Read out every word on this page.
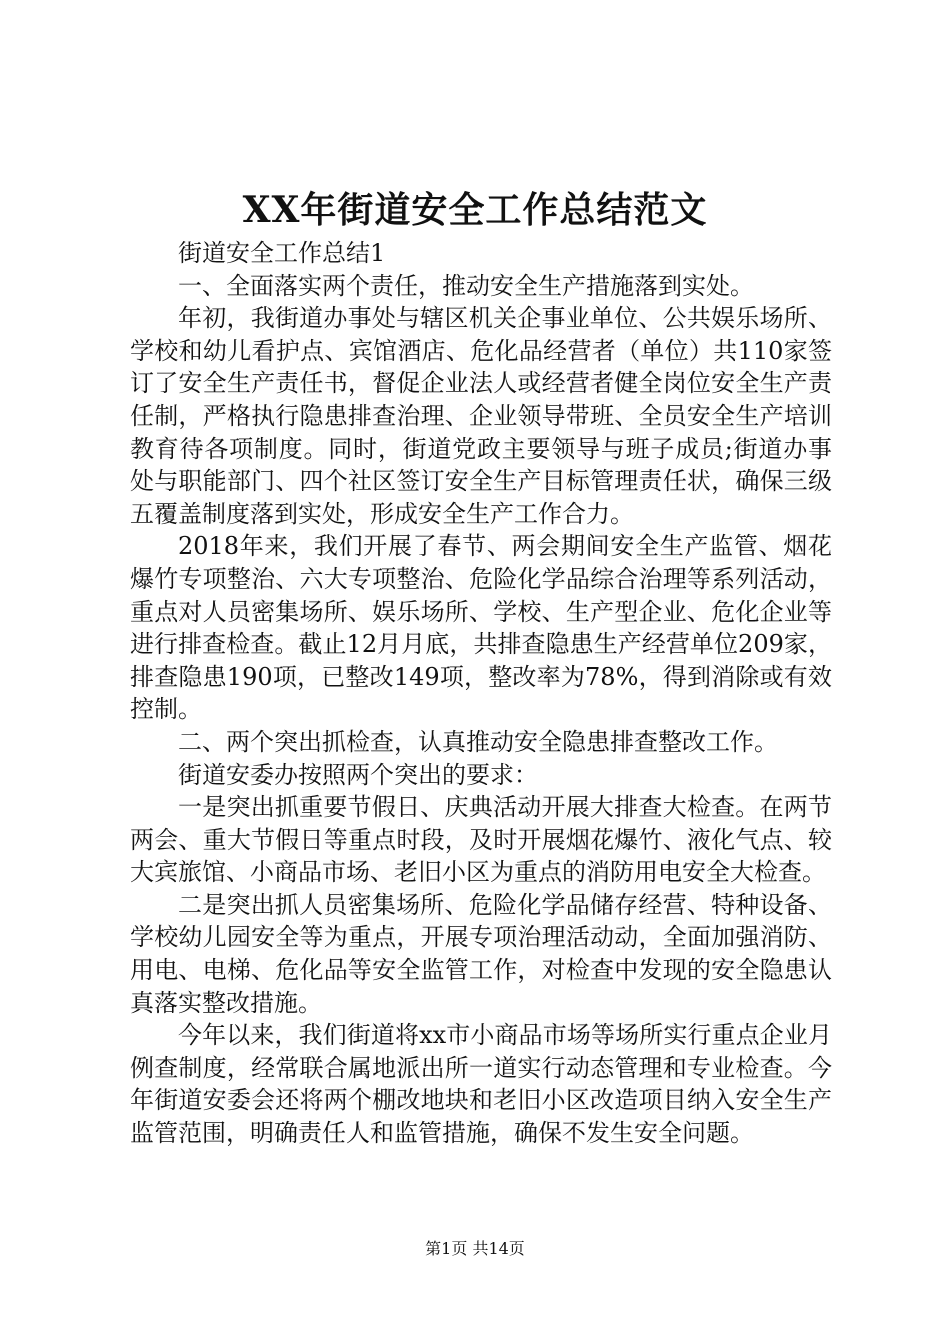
XX年街道安全工作总结范文

街道安全工作总结1

一、全面落实两个责任，推动安全生产措施落到实处。

年初，我街道办事处与辖区机关企事业单位、公共娱乐场所、学校和幼儿看护点、宾馆酒店、危化品经营者（单位）共110家签订了安全生产责任书，督促企业法人或经营者健全岗位安全生产责任制，严格执行隐患排查治理、企业领导带班、全员安全生产培训教育待各项制度。同时，街道党政主要领导与班子成员;街道办事处与职能部门、四个社区签订安全生产目标管理责任状，确保三级五覆盖制度落到实处，形成安全生产工作合力。

2018年来，我们开展了春节、两会期间安全生产监管、烟花爆竹专项整治、六大专项整治、危险化学品综合治理等系列活动，重点对人员密集场所、娱乐场所、学校、生产型企业、危化企业等进行排查检查。截止12月月底，共排查隐患生产经营单位209家，排查隐患190项，已整改149项，整改率为78%，得到消除或有效控制。

二、两个突出抓检查，认真推动安全隐患排查整改工作。

街道安委办按照两个突出的要求：

一是突出抓重要节假日、庆典活动开展大排查大检查。在两节两会、重大节假日等重点时段，及时开展烟花爆竹、液化气点、较大宾旅馆、小商品市场、老旧小区为重点的消防用电安全大检查。

二是突出抓人员密集场所、危险化学品储存经营、特种设备、学校幼儿园安全等为重点，开展专项治理活动动，全面加强消防、用电、电梯、危化品等安全监管工作，对检查中发现的安全隐患认真落实整改措施。

今年以来，我们街道将xx市小商品市场等场所实行重点企业月例查制度，经常联合属地派出所一道实行动态管理和专业检查。今年街道安委会还将两个棚改地块和老旧小区改造项目纳入安全生产监管范围，明确责任人和监管措施，确保不发生安全问题。

第1页 共14页
